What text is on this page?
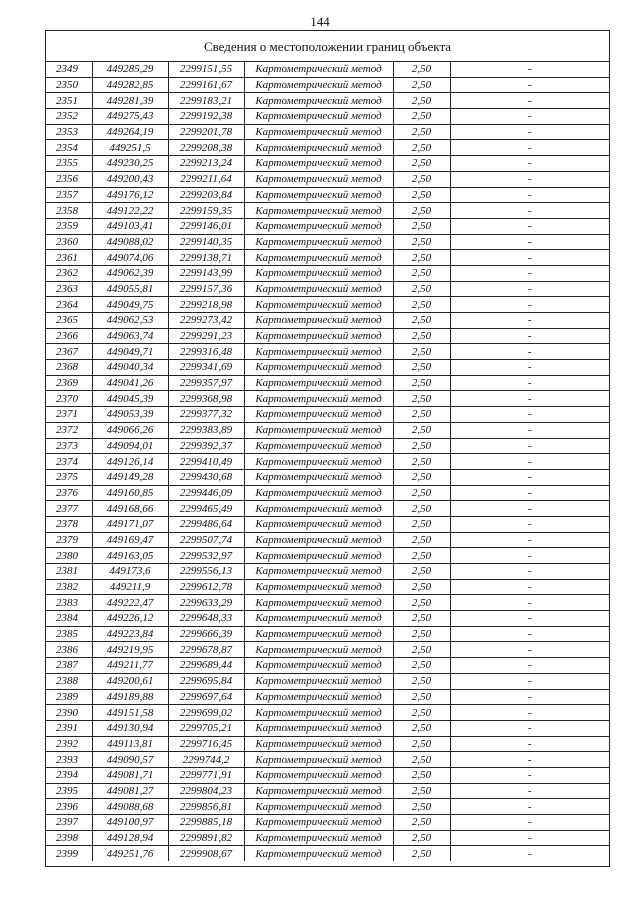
144
Сведения о местоположении границ объекта
2349	449285,29	2299151,55	Картометрический метод	2,50	-
2350	449282,85	2299161,67	Картометрический метод	2,50	-
2351	449281,39	2299183,21	Картометрический метод	2,50	-
2352	449275,43	2299192,38	Картометрический метод	2,50	-
2353	449264,19	2299201,78	Картометрический метод	2,50	-
2354	449251,5	2299208,38	Картометрический метод	2,50	-
2355	449230,25	2299213,24	Картометрический метод	2,50	-
2356	449200,43	2299211,64	Картометрический метод	2,50	-
2357	449176,12	2299203,84	Картометрический метод	2,50	-
2358	449122,22	2299159,35	Картометрический метод	2,50	-
2359	449103,41	2299146,01	Картометрический метод	2,50	-
2360	449088,02	2299140,35	Картометрический метод	2,50	-
2361	449074,06	2299138,71	Картометрический метод	2,50	-
2362	449062,39	2299143,99	Картометрический метод	2,50	-
2363	449055,81	2299157,36	Картометрический метод	2,50	-
2364	449049,75	2299218,98	Картометрический метод	2,50	-
2365	449062,53	2299273,42	Картометрический метод	2,50	-
2366	449063,74	2299291,23	Картометрический метод	2,50	-
2367	449049,71	2299316,48	Картометрический метод	2,50	-
2368	449040,34	2299341,69	Картометрический метод	2,50	-
2369	449041,26	2299357,97	Картометрический метод	2,50	-
2370	449045,39	2299368,98	Картометрический метод	2,50	-
2371	449053,39	2299377,32	Картометрический метод	2,50	-
2372	449066,26	2299383,89	Картометрический метод	2,50	-
2373	449094,01	2299392,37	Картометрический метод	2,50	-
2374	449126,14	2299410,49	Картометрический метод	2,50	-
2375	449149,28	2299430,68	Картометрический метод	2,50	-
2376	449160,85	2299446,09	Картометрический метод	2,50	-
2377	449168,66	2299465,49	Картометрический метод	2,50	-
2378	449171,07	2299486,64	Картометрический метод	2,50	-
2379	449169,47	2299507,74	Картометрический метод	2,50	-
2380	449163,05	2299532,97	Картометрический метод	2,50	-
2381	449173,6	2299556,13	Картометрический метод	2,50	-
2382	449211,9	2299612,78	Картометрический метод	2,50	-
2383	449222,47	2299633,29	Картометрический метод	2,50	-
2384	449226,12	2299648,33	Картометрический метод	2,50	-
2385	449223,84	2299666,39	Картометрический метод	2,50	-
2386	449219,95	2299678,87	Картометрический метод	2,50	-
2387	449211,77	2299689,44	Картометрический метод	2,50	-
2388	449200,61	2299695,84	Картометрический метод	2,50	-
2389	449189,88	2299697,64	Картометрический метод	2,50	-
2390	449151,58	2299699,02	Картометрический метод	2,50	-
2391	449130,94	2299705,21	Картометрический метод	2,50	-
2392	449113,81	2299716,45	Картометрический метод	2,50	-
2393	449090,57	2299744,2	Картометрический метод	2,50	-
2394	449081,71	2299771,91	Картометрический метод	2,50	-
2395	449081,27	2299804,23	Картометрический метод	2,50	-
2396	449088,68	2299856,81	Картометрический метод	2,50	-
2397	449100,97	2299885,18	Картометрический метод	2,50	-
2398	449128,94	2299891,82	Картометрический метод	2,50	-
2399	449251,76	2299908,67	Картометрический метод	2,50	-
